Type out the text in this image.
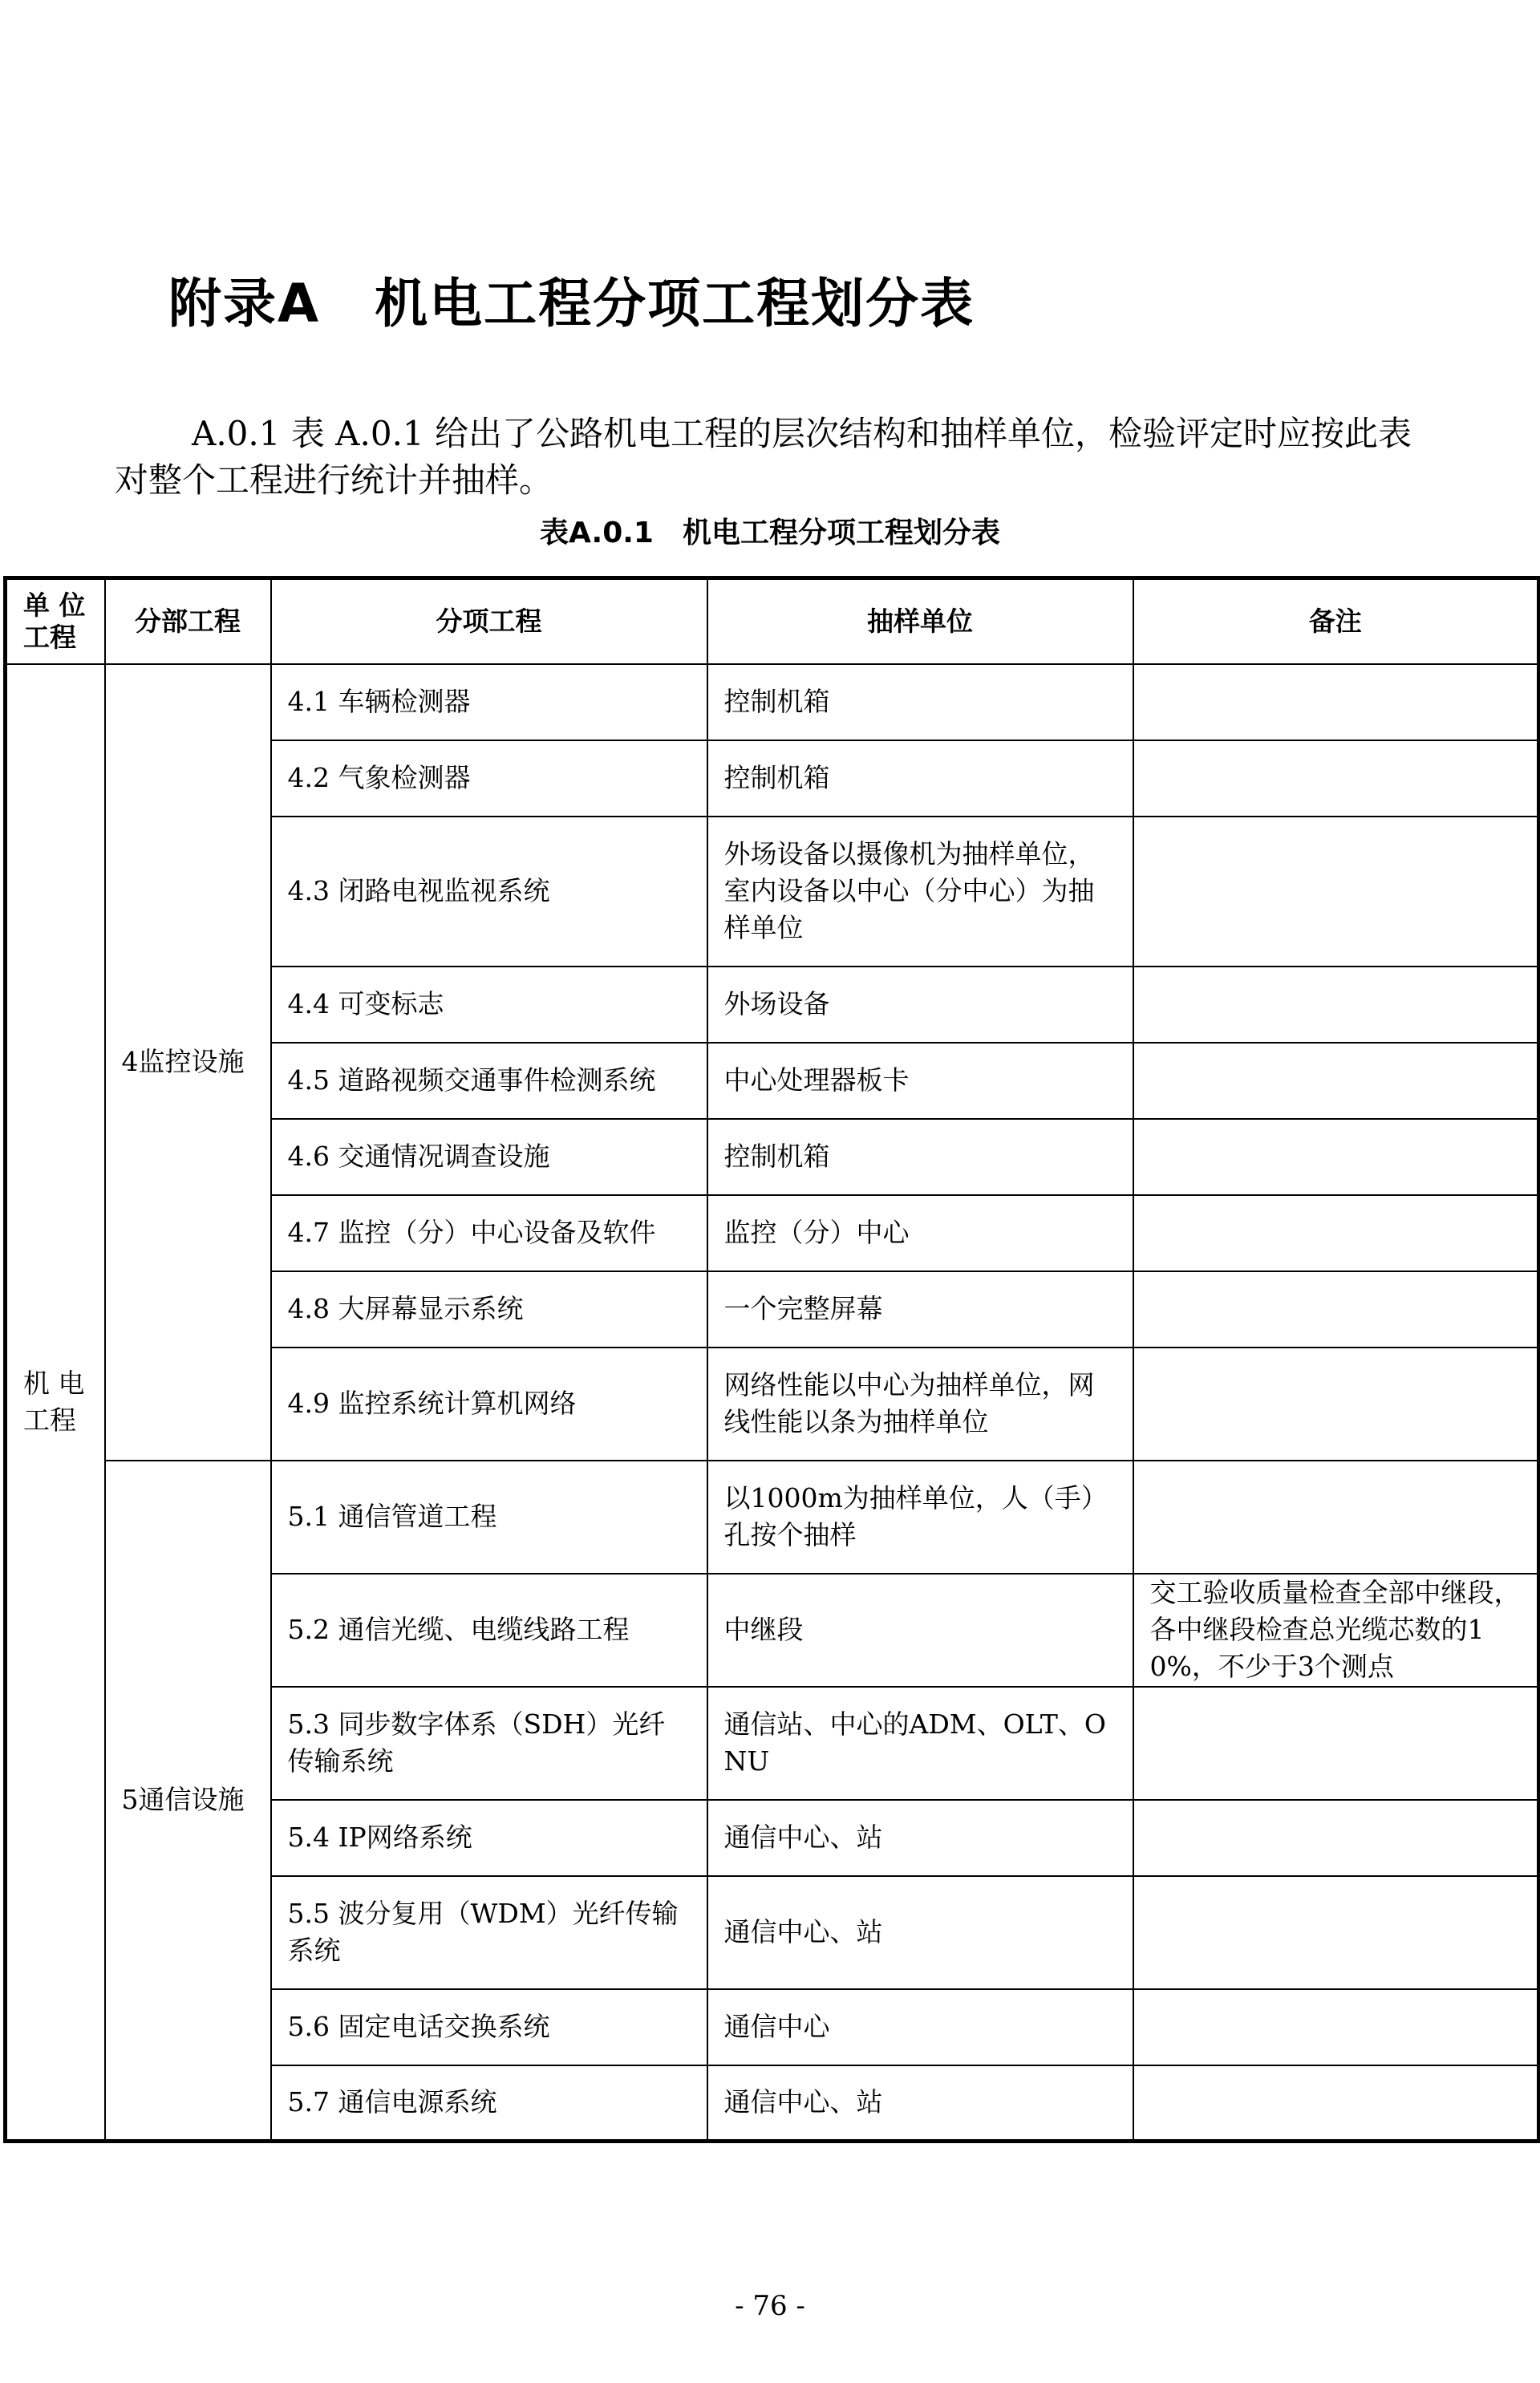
附录A　机电工程分项工程划分表

A.0.1 表 A.0.1 给出了公路机电工程的层次结构和抽样单位，检验评定时应按此表对整个工程进行统计并抽样。

表A.0.1　机电工程分项工程划分表
单 位 工程	分部工程	分项工程	抽样单位	备注
机 电 工程	4监控设施	4.1 车辆检测器	控制机箱	
		4.2 气象检测器	控制机箱	
		4.3 闭路电视监视系统	外场设备以摄像机为抽样单位，室内设备以中心（分中心）为抽样单位	
		4.4 可变标志	外场设备	
		4.5 道路视频交通事件检测系统	中心处理器板卡	
		4.6 交通情况调查设施	控制机箱	
		4.7 监控（分）中心设备及软件	监控（分）中心	
		4.8 大屏幕显示系统	一个完整屏幕	
		4.9 监控系统计算机网络	网络性能以中心为抽样单位，网线性能以条为抽样单位	
	5通信设施	5.1 通信管道工程	以1000m为抽样单位，人（手）孔按个抽样	
		5.2 通信光缆、电缆线路工程	中继段	交工验收质量检查全部中继段，各中继段检查总光缆芯数的10%，不少于3个测点
		5.3 同步数字体系（SDH）光纤传输系统	通信站、中心的ADM、OLT、ONU	
		5.4 IP网络系统	通信中心、站	
		5.5 波分复用（WDM）光纤传输系统	通信中心、站	
		5.6 固定电话交换系统	通信中心	
		5.7 通信电源系统	通信中心、站	
- 76 -
